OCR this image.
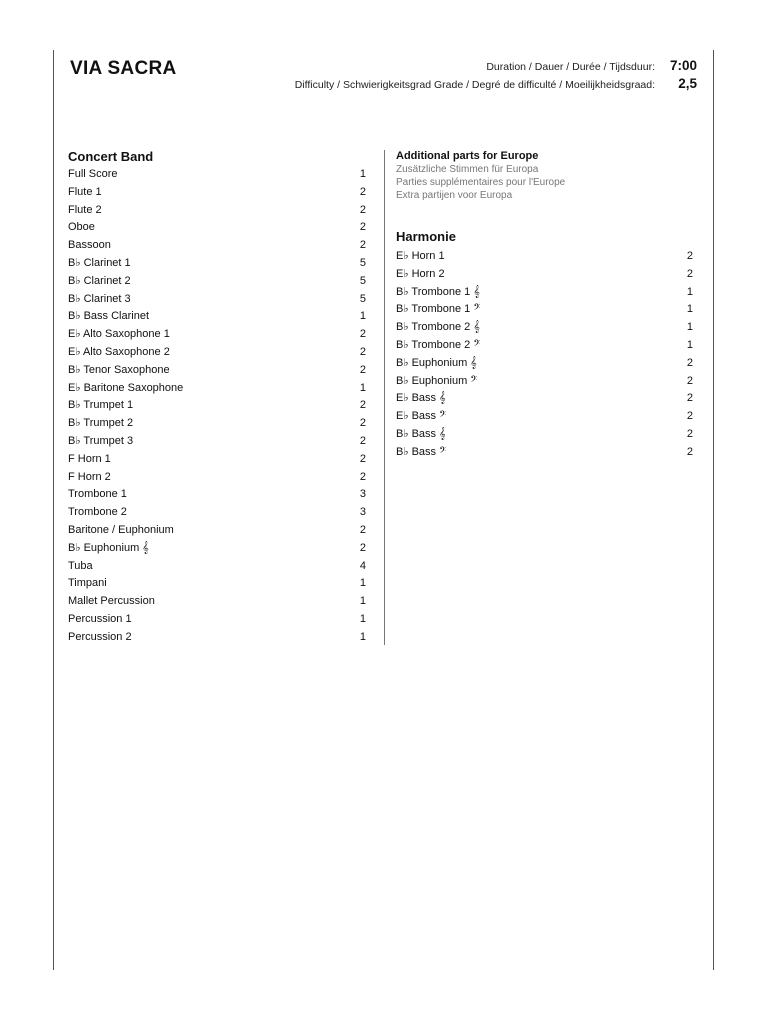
VIA SACRA	Duration / Dauer / Durée / Tijdsduur: 7:00
Difficulty / Schwierigkeitsgrad Grade / Degré de difficulté / Moeilijkheidsgraad:	2,5
Concert Band
Full Score	1
Flute 1	2
Flute 2	2
Oboe	2
Bassoon	2
B♭ Clarinet 1	5
B♭ Clarinet 2	5
B♭ Clarinet 3	5
B♭ Bass Clarinet	1
E♭ Alto Saxophone 1	2
E♭ Alto Saxophone 2	2
B♭ Tenor Saxophone	2
E♭ Baritone Saxophone	1
B♭ Trumpet 1	2
B♭ Trumpet 2	2
B♭ Trumpet 3	2
F Horn 1	2
F Horn 2	2
Trombone 1	3
Trombone 2	3
Baritone / Euphonium	2
B♭ Euphonium 𝄞	2
Tuba	4
Timpani	1
Mallet Percussion	1
Percussion 1	1
Percussion 2	1
Additional parts for Europe
Zusätzliche Stimmen für Europa
Parties supplémentaires pour l'Europe
Extra partijen voor Europa
Harmonie
E♭ Horn 1	2
E♭ Horn 2	2
B♭ Trombone 1 𝄞	1
B♭ Trombone 1 𝄢	1
B♭ Trombone 2 𝄞	1
B♭ Trombone 2 𝄢	1
B♭ Euphonium 𝄞	2
B♭ Euphonium 𝄢	2
E♭ Bass 𝄞	2
E♭ Bass 𝄢	2
B♭ Bass 𝄞	2
B♭ Bass 𝄢	2
